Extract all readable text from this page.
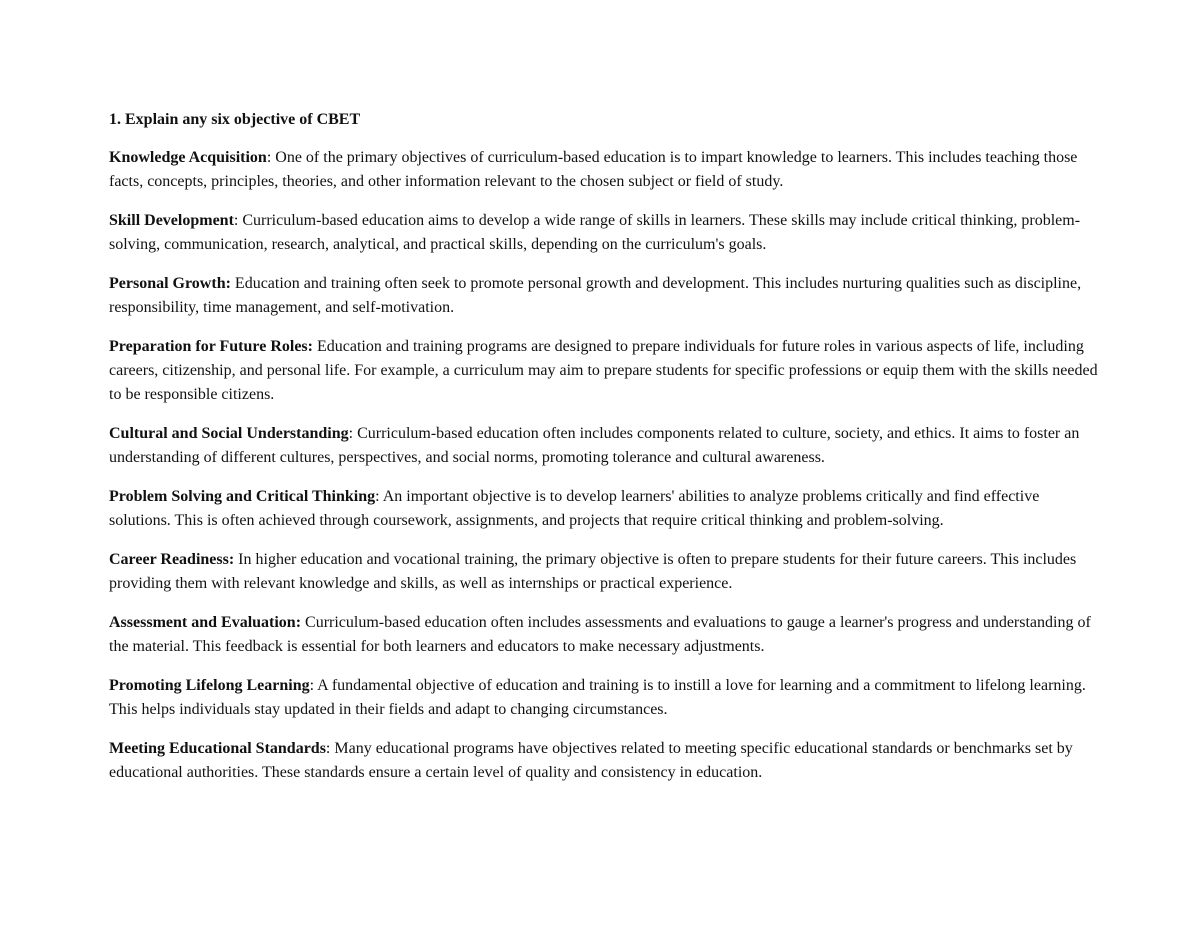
1. Explain any six objective of CBET

Knowledge Acquisition: One of the primary objectives of curriculum-based education is to impart knowledge to learners. This includes teaching those facts, concepts, principles, theories, and other information relevant to the chosen subject or field of study.

Skill Development: Curriculum-based education aims to develop a wide range of skills in learners. These skills may include critical thinking, problem-solving, communication, research, analytical, and practical skills, depending on the curriculum's goals.

Personal Growth: Education and training often seek to promote personal growth and development. This includes nurturing qualities such as discipline, responsibility, time management, and self-motivation.

Preparation for Future Roles: Education and training programs are designed to prepare individuals for future roles in various aspects of life, including careers, citizenship, and personal life. For example, a curriculum may aim to prepare students for specific professions or equip them with the skills needed to be responsible citizens.

Cultural and Social Understanding: Curriculum-based education often includes components related to culture, society, and ethics. It aims to foster an understanding of different cultures, perspectives, and social norms, promoting tolerance and cultural awareness.

Problem Solving and Critical Thinking: An important objective is to develop learners' abilities to analyze problems critically and find effective solutions. This is often achieved through coursework, assignments, and projects that require critical thinking and problem-solving.

Career Readiness: In higher education and vocational training, the primary objective is often to prepare students for their future careers. This includes providing them with relevant knowledge and skills, as well as internships or practical experience.

Assessment and Evaluation: Curriculum-based education often includes assessments and evaluations to gauge a learner's progress and understanding of the material. This feedback is essential for both learners and educators to make necessary adjustments.

Promoting Lifelong Learning: A fundamental objective of education and training is to instill a love for learning and a commitment to lifelong learning. This helps individuals stay updated in their fields and adapt to changing circumstances.

Meeting Educational Standards: Many educational programs have objectives related to meeting specific educational standards or benchmarks set by educational authorities. These standards ensure a certain level of quality and consistency in education.
